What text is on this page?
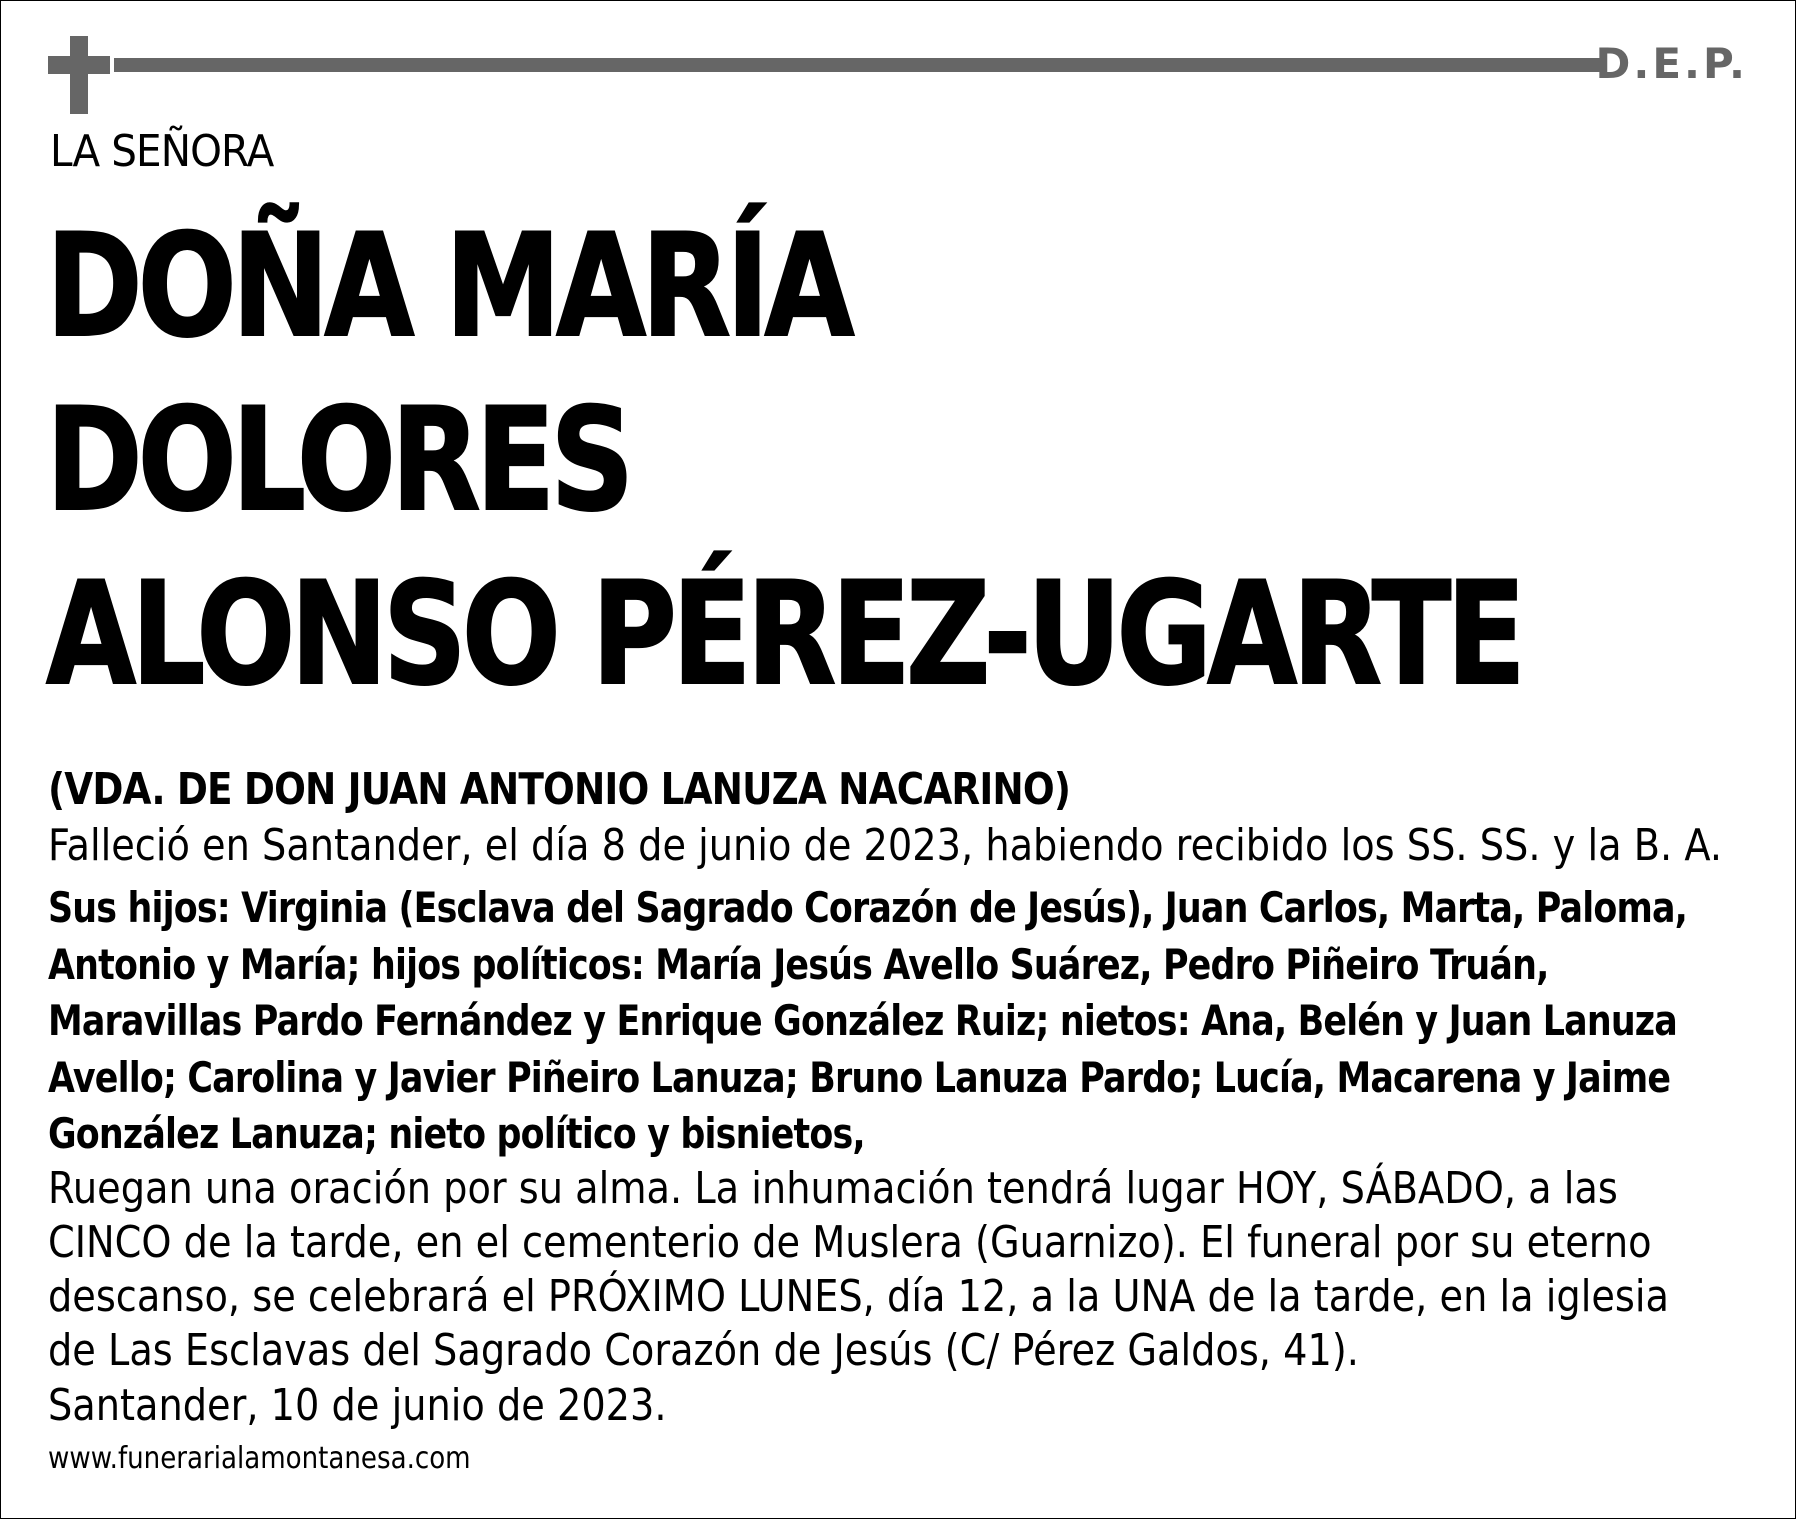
D.E.P.
LA SEÑORA
DOÑA MARÍA
DOLORES
ALONSO PÉREZ-UGARTE
(VDA. DE DON JUAN ANTONIO LANUZA NACARINO)
Falleció en Santander, el día 8 de junio de 2023, habiendo recibido los SS. SS. y la B. A.

Sus hijos: Virginia (Esclava del Sagrado Corazón de Jesús), Juan Carlos, Marta, Paloma,

Antonio y María; hijos políticos: María Jesús Avello Suárez, Pedro Piñeiro Truán,

Maravillas Pardo Fernández y Enrique González Ruiz; nietos: Ana, Belén y Juan Lanuza

Avello; Carolina y Javier Piñeiro Lanuza; Bruno Lanuza Pardo; Lucía, Macarena y Jaime

González Lanuza; nieto político y bisnietos,

Ruegan una oración por su alma. La inhumación tendrá lugar HOY, SÁBADO, a las

CINCO de la tarde, en el cementerio de Muslera (Guarnizo). El funeral por su eterno

descanso, se celebrará el PRÓXIMO LUNES, día 12, a la UNA de la tarde, en la iglesia

de Las Esclavas del Sagrado Corazón de Jesús (C/ Pérez Galdos, 41).

Santander, 10 de junio de 2023.
www.funerarialamontanesa.com
